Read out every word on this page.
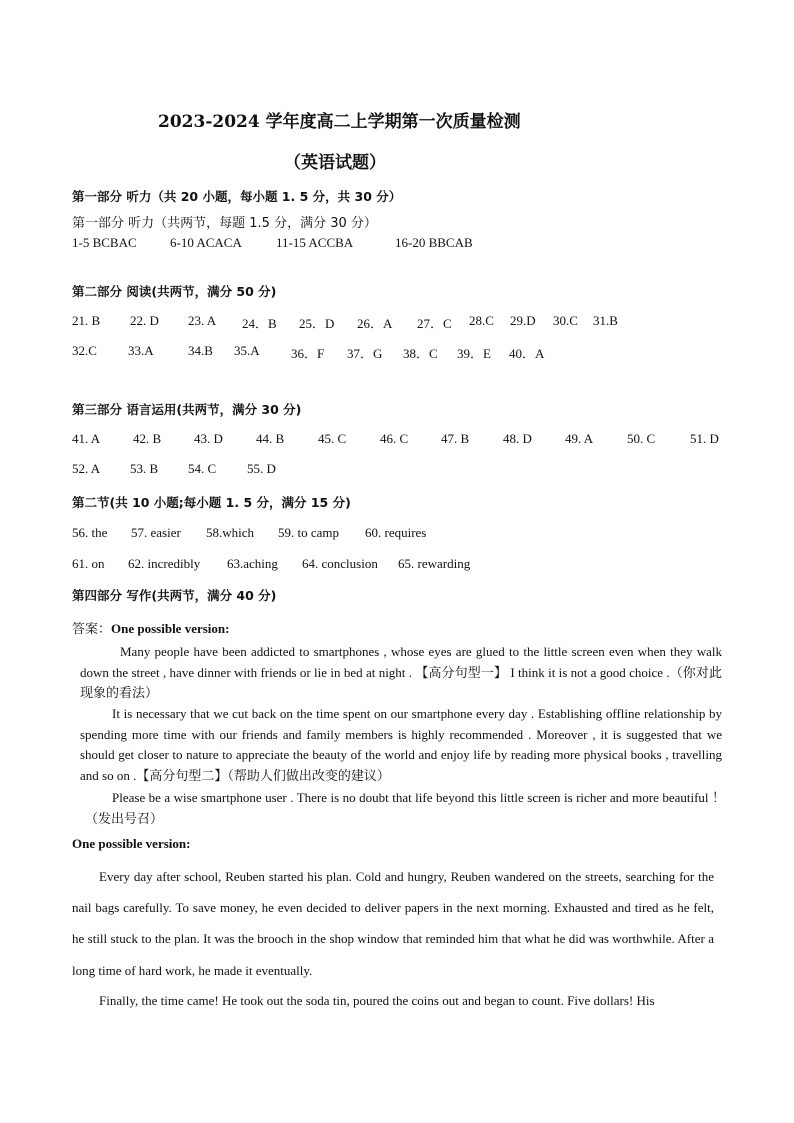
2023-2024 学年度高二上学期第一次质量检测
（英语试题）
第一部分 听力（共 20 小题，每小题 1. 5 分，共 30 分）
第一部分 听力（共两节，每题 1.5 分，满分 30 分）
1-5 BCBAC	6-10 ACACA	11-15 ACCBA	16-20 BBCAB
第二部分 阅读(共两节，满分 50 分)
21. B 22. D 23. A 24．B 25．D 26．A 27．C 28.C 29.D 30.C 31.B
32.C 33.A	34.B 35.A 36．F 37．G 38．C 39．E 40．A
第三部分 语言运用(共两节，满分 30 分)
41. A	42. B	43. D	44. B	45. C	46. C	47. B	48. D	49. A	50. C	51. D
52. A 53. B 54. C 55. D
第二节(共 10 小题;每小题 1. 5 分，满分 15 分)
56. the 57. easier 58.which 59. to camp 60. requires
61. on 62. incredibly 63.aching 64. conclusion 65. rewarding
第四部分 写作(共两节，满分 40 分)
答案：One possible version:
Many people have been addicted to smartphones , whose eyes are glued to the little screen even when they walk down the street , have dinner with friends or lie in bed at night . 【高分句型一】 I think it is not a good choice .（你对此现象的看法）
It is necessary that we cut back on the time spent on our smartphone every day . Establishing offline relationship by spending more time with our friends and family members is highly recommended . Moreover , it is suggested that we should get closer to nature to appreciate the beauty of the world and enjoy life by reading more physical books , travelling and so on .【高分句型二】（帮助人们做出改变的建议）
Please be a wise smartphone user . There is no doubt that life beyond this little screen is richer and more beautiful ！（发出号召）
One possible version:
Every day after school, Reuben started his plan. Cold and hungry, Reuben wandered on the streets, searching for the nail bags carefully. To save money, he even decided to deliver papers in the next morning. Exhausted and tired as he felt, he still stuck to the plan. It was the brooch in the shop window that reminded him that what he did was worthwhile. After a long time of hard work, he made it eventually.
Finally, the time came! He took out the soda tin, poured the coins out and began to count. Five dollars! His
